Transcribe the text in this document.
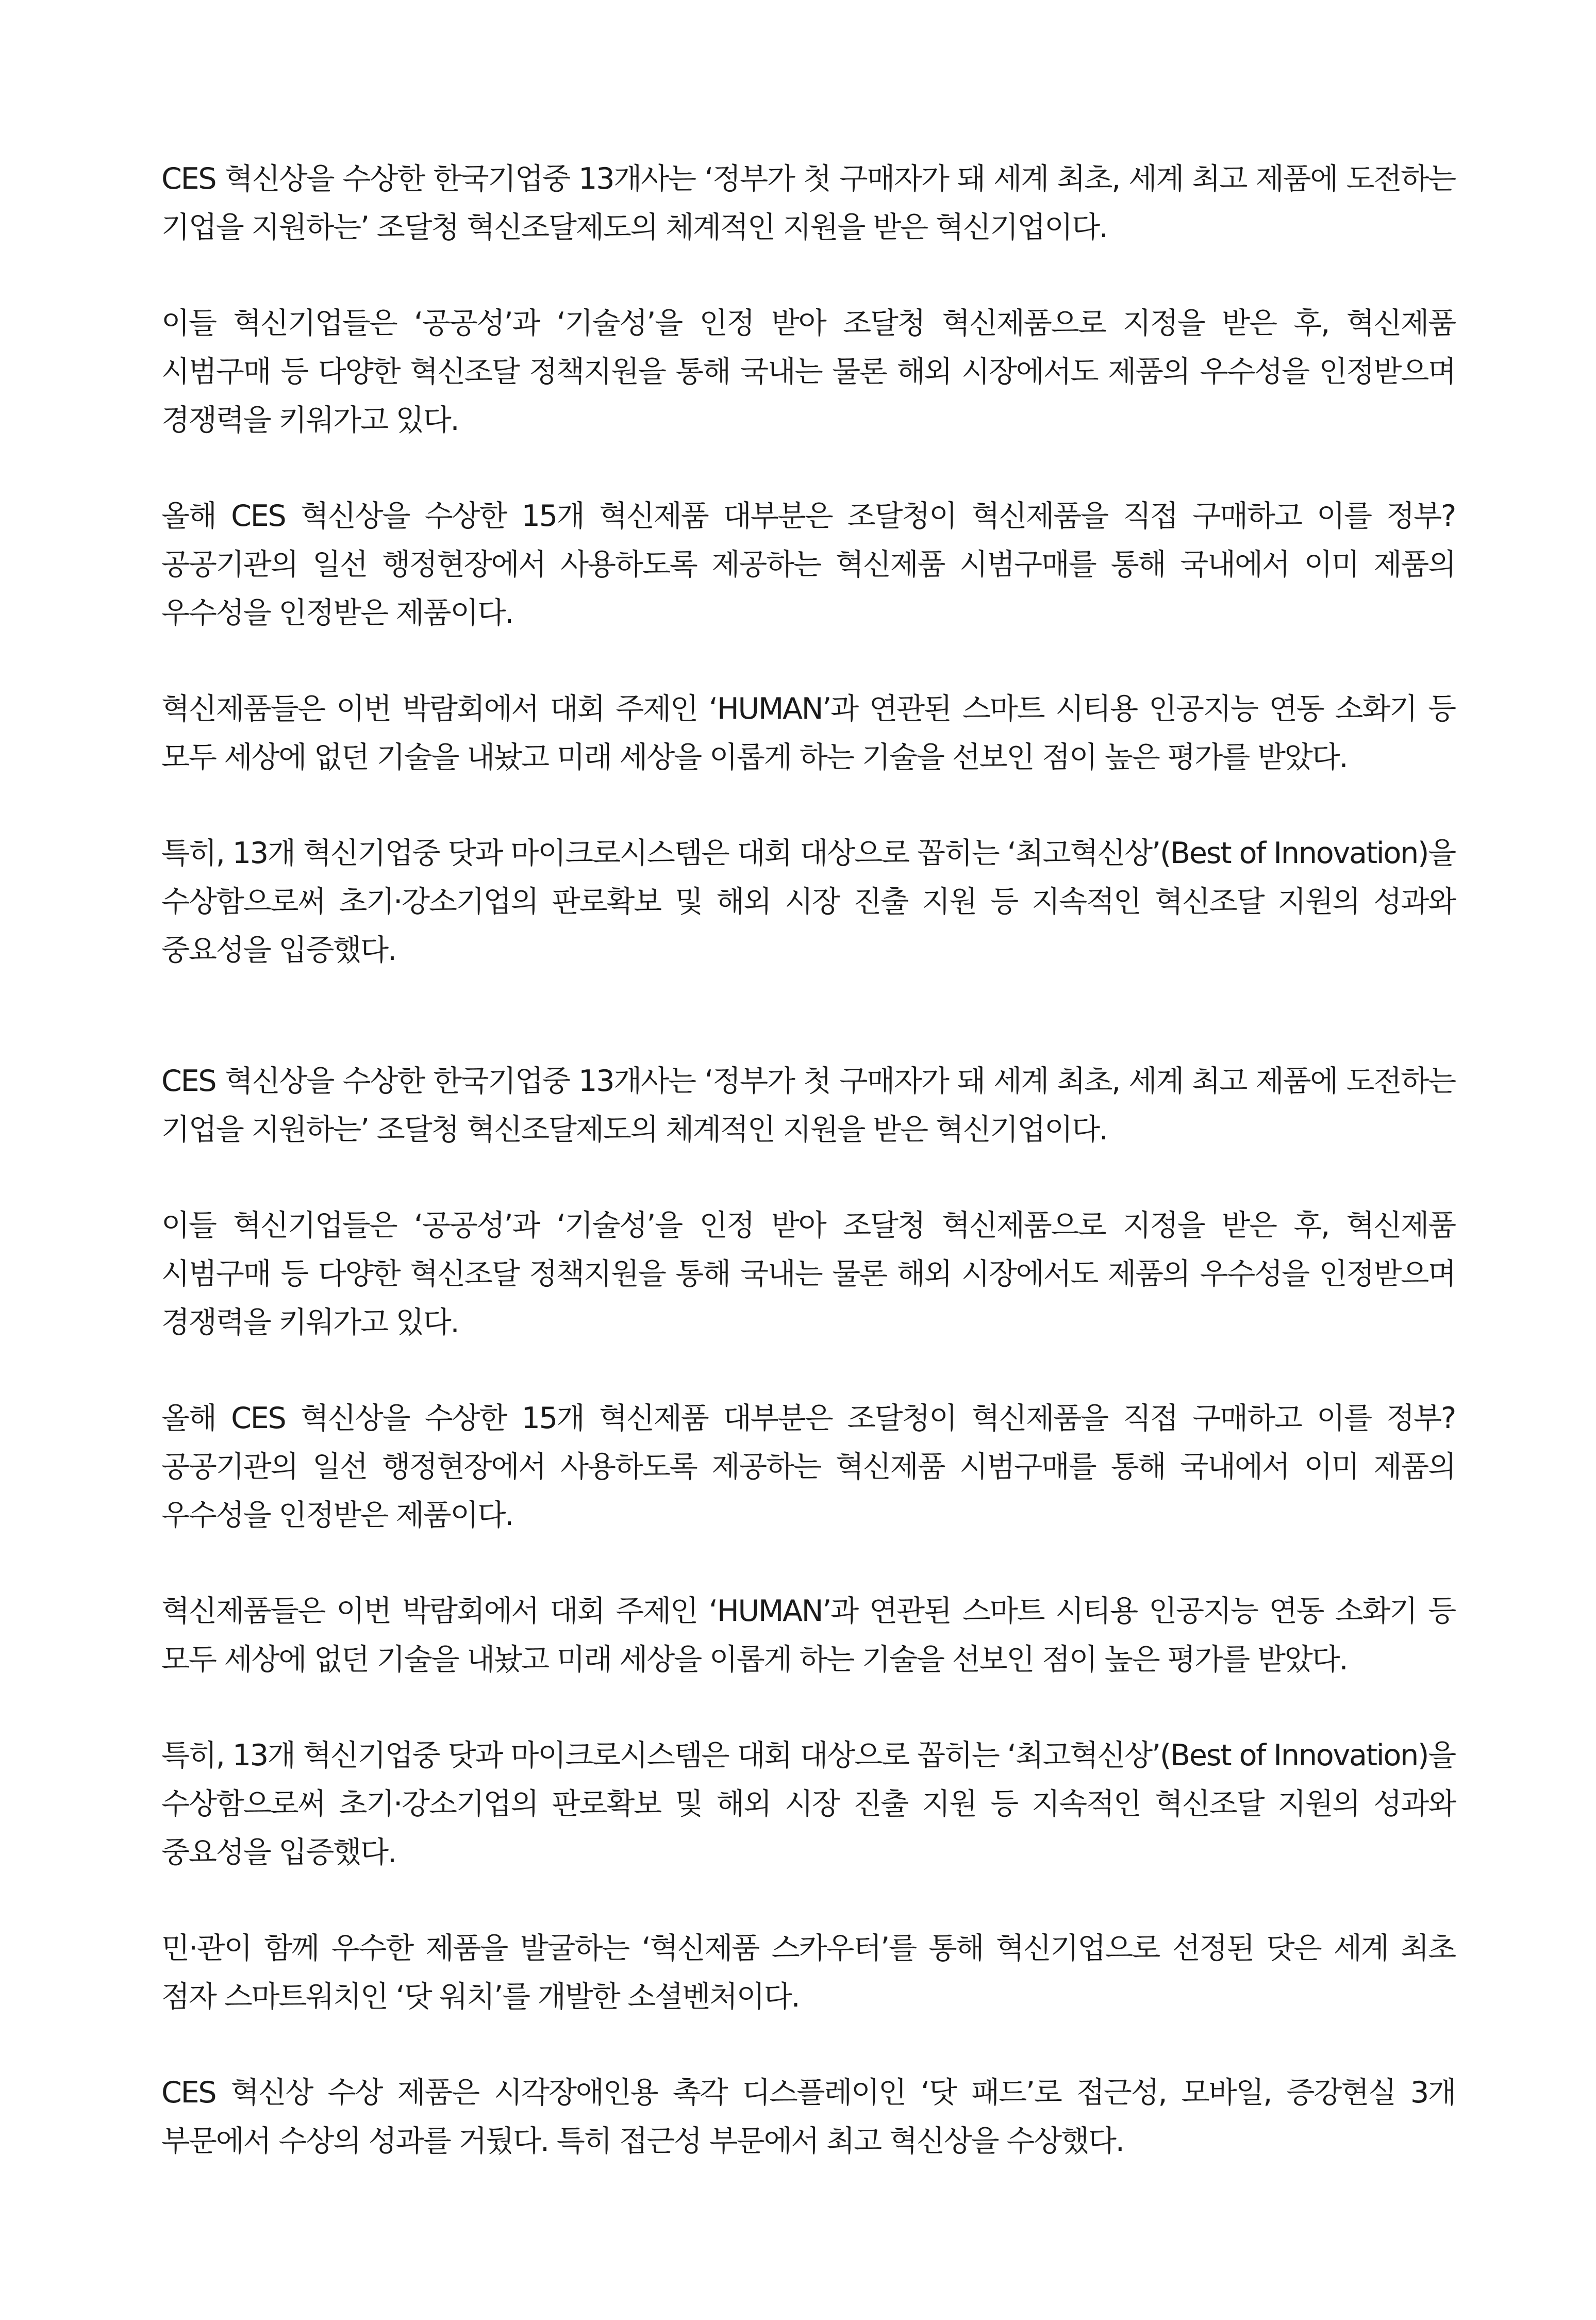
CES 혁신상을 수상한 한국기업중 13개사는 ‘정부가 첫 구매자가 돼 세계 최초, 세계 최고 제품에 도전하는 기업을 지원하는’ 조달청 혁신조달제도의 체계적인 지원을 받은 혁신기업이다.

이들 혁신기업들은 ‘공공성’과 ‘기술성’을 인정 받아 조달청 혁신제품으로 지정을 받은 후, 혁신제품 시범구매 등 다양한 혁신조달 정책지원을 통해 국내는 물론 해외 시장에서도 제품의 우수성을 인정받으며 경쟁력을 키워가고 있다.

올해 CES 혁신상을 수상한 15개 혁신제품 대부분은 조달청이 혁신제품을 직접 구매하고 이를 정부?공공기관의 일선 행정현장에서 사용하도록 제공하는 혁신제품 시범구매를 통해 국내에서 이미 제품의 우수성을 인정받은 제품이다.

혁신제품들은 이번 박람회에서 대회 주제인 ‘HUMAN’과 연관된 스마트 시티용 인공지능 연동 소화기 등 모두 세상에 없던 기술을 내놨고 미래 세상을 이롭게 하는 기술을 선보인 점이 높은 평가를 받았다.

특히, 13개 혁신기업중 닷과 마이크로시스템은 대회 대상으로 꼽히는 ‘최고혁신상’(Best of Innovation)을 수상함으로써 초기·강소기업의 판로확보 및 해외 시장 진출 지원 등 지속적인 혁신조달 지원의 성과와 중요성을 입증했다.

CES 혁신상을 수상한 한국기업중 13개사는 ‘정부가 첫 구매자가 돼 세계 최초, 세계 최고 제품에 도전하는 기업을 지원하는’ 조달청 혁신조달제도의 체계적인 지원을 받은 혁신기업이다.

이들 혁신기업들은 ‘공공성’과 ‘기술성’을 인정 받아 조달청 혁신제품으로 지정을 받은 후, 혁신제품 시범구매 등 다양한 혁신조달 정책지원을 통해 국내는 물론 해외 시장에서도 제품의 우수성을 인정받으며 경쟁력을 키워가고 있다.

올해 CES 혁신상을 수상한 15개 혁신제품 대부분은 조달청이 혁신제품을 직접 구매하고 이를 정부?공공기관의 일선 행정현장에서 사용하도록 제공하는 혁신제품 시범구매를 통해 국내에서 이미 제품의 우수성을 인정받은 제품이다.

혁신제품들은 이번 박람회에서 대회 주제인 ‘HUMAN’과 연관된 스마트 시티용 인공지능 연동 소화기 등 모두 세상에 없던 기술을 내놨고 미래 세상을 이롭게 하는 기술을 선보인 점이 높은 평가를 받았다.

특히, 13개 혁신기업중 닷과 마이크로시스템은 대회 대상으로 꼽히는 ‘최고혁신상’(Best of Innovation)을 수상함으로써 초기·강소기업의 판로확보 및 해외 시장 진출 지원 등 지속적인 혁신조달 지원의 성과와 중요성을 입증했다.

민·관이 함께 우수한 제품을 발굴하는 ‘혁신제품 스카우터’를 통해 혁신기업으로 선정된 닷은 세계 최초 점자 스마트워치인 ‘닷 워치’를 개발한 소셜벤처이다.

CES 혁신상 수상 제품은 시각장애인용 촉각 디스플레이인 ‘닷 패드’로 접근성, 모바일, 증강현실 3개 부문에서 수상의 성과를 거뒀다. 특히 접근성 부문에서 최고 혁신상을 수상했다.
